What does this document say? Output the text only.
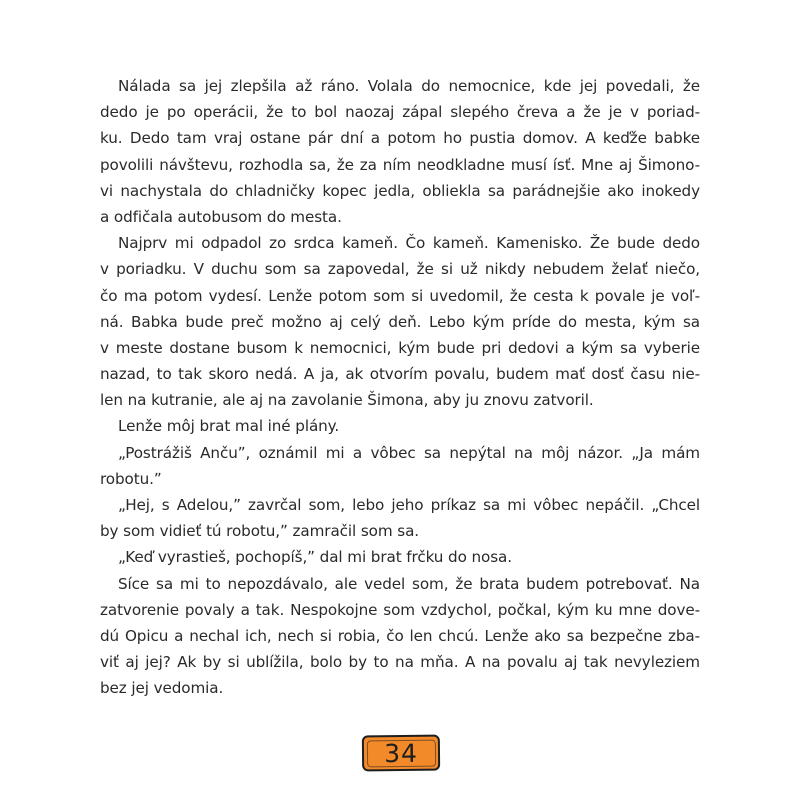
Nálada sa jej zlepšila až ráno. Volala do nemocnice, kde jej povedali, že
dedo je po operácii, že to bol naozaj zápal slepého čreva a že je v poriad-
ku. Dedo tam vraj ostane pár dní a potom ho pustia domov. A keďže babke
povolili návštevu, rozhodla sa, že za ním neodkladne musí ísť. Mne aj Šimono-
vi nachystala do chladničky kopec jedla, obliekla sa parádnejšie ako inokedy
a odfičala autobusom do mesta.
Najprv mi odpadol zo srdca kameň. Čo kameň. Kamenisko. Že bude dedo
v poriadku. V duchu som sa zapovedal, že si už nikdy nebudem želať niečo,
čo ma potom vydesí. Lenže potom som si uvedomil, že cesta k povale je voľ-
ná. Babka bude preč možno aj celý deň. Lebo kým príde do mesta, kým sa
v meste dostane busom k nemocnici, kým bude pri dedovi a kým sa vyberie
nazad, to tak skoro nedá. A ja, ak otvorím povalu, budem mať dosť času nie-
len na kutranie, ale aj na zavolanie Šimona, aby ju znovu zatvoril.
Lenže môj brat mal iné plány.
„Postrážiš Ančuˮ, oznámil mi a vôbec sa nepýtal na môj názor. „Ja mám
robotu.ˮ
„Hej, s Adelou,ˮ zavrčal som, lebo jeho príkaz sa mi vôbec nepáčil. „Chcel
by som vidieť tú robotu,ˮ zamračil som sa.
„Keď vyrastieš, pochopíš,ˮ dal mi brat frčku do nosa.
Síce sa mi to nepozdávalo, ale vedel som, že brata budem potrebovať. Na
zatvorenie povaly a tak. Nespokojne som vzdychol, počkal, kým ku mne dove-
dú Opicu a nechal ich, nech si robia, čo len chcú. Lenže ako sa bezpečne zba-
viť aj jej? Ak by si ublížila, bolo by to na mňa. A na povalu aj tak nevyleziem
bez jej vedomia.
34
